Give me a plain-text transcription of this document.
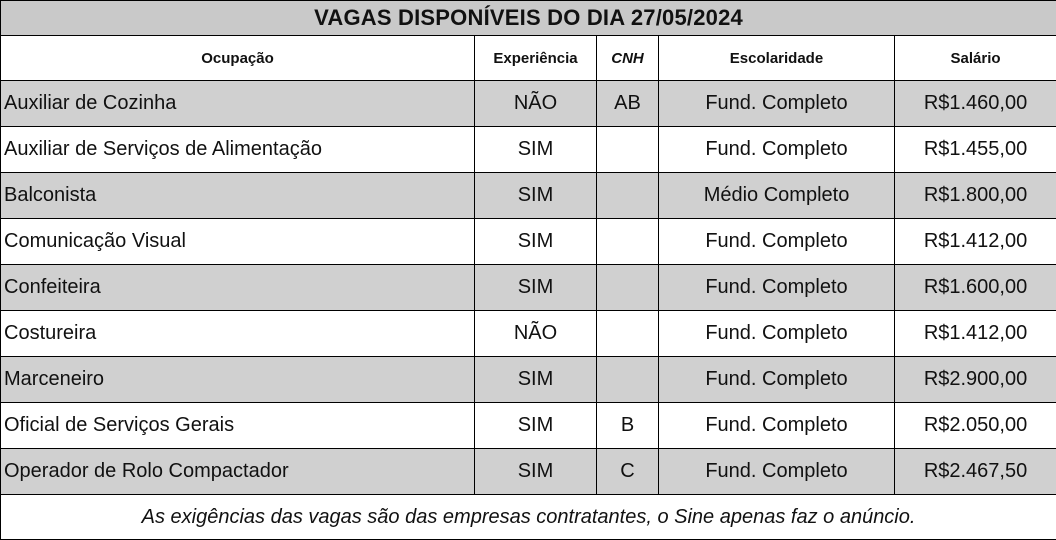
VAGAS DISPONÍVEIS DO DIA 27/05/2024				
Ocupação	Experiência	CNH	Escolaridade	Salário
Auxiliar de Cozinha	NÃO	AB	Fund. Completo	R$1.460,00
Auxiliar de Serviços de Alimentação	SIM		Fund. Completo	R$1.455,00
Balconista	SIM		Médio Completo	R$1.800,00
Comunicação Visual	SIM		Fund. Completo	R$1.412,00
Confeiteira	SIM		Fund. Completo	R$1.600,00
Costureira	NÃO		Fund. Completo	R$1.412,00
Marceneiro	SIM		Fund. Completo	R$2.900,00
Oficial de Serviços Gerais	SIM	B	Fund. Completo	R$2.050,00
Operador de Rolo Compactador	SIM	C	Fund. Completo	R$2.467,50
As exigências das vagas são das empresas contratantes, o Sine apenas faz o anúncio.				
